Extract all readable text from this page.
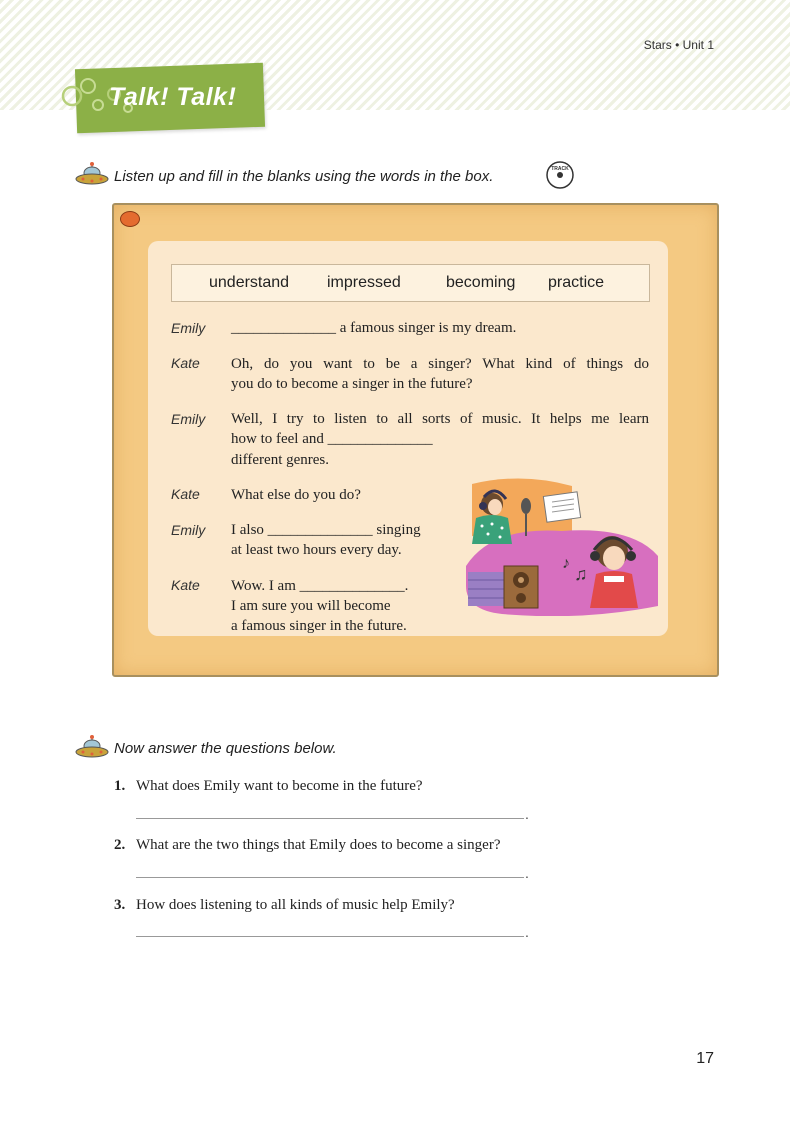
Stars • Unit 1
Talk! Talk!
Listen up and fill in the blanks using the words in the box.	TRACK
understand impressed	becoming practice
Emily ______________ a famous singer is my dream.
Kate Oh, do you want to be a singer? What kind of things do
you do to become a singer in the future?
Emily Well, I try to listen to all sorts of music. It helps me learn
how to feel and ______________
different genres.
Kate What else do you do?
Emily I also ______________ singing
at least two hours every day.
Kate Wow. I am ______________.
I am sure you will become
a famous singer in the future.
♪
♫
Now answer the questions below.
1. What does Emily want to become in the future?
.
2. What are the two things that Emily does to become a singer?
.
3. How does listening to all kinds of music help Emily?
.
17
